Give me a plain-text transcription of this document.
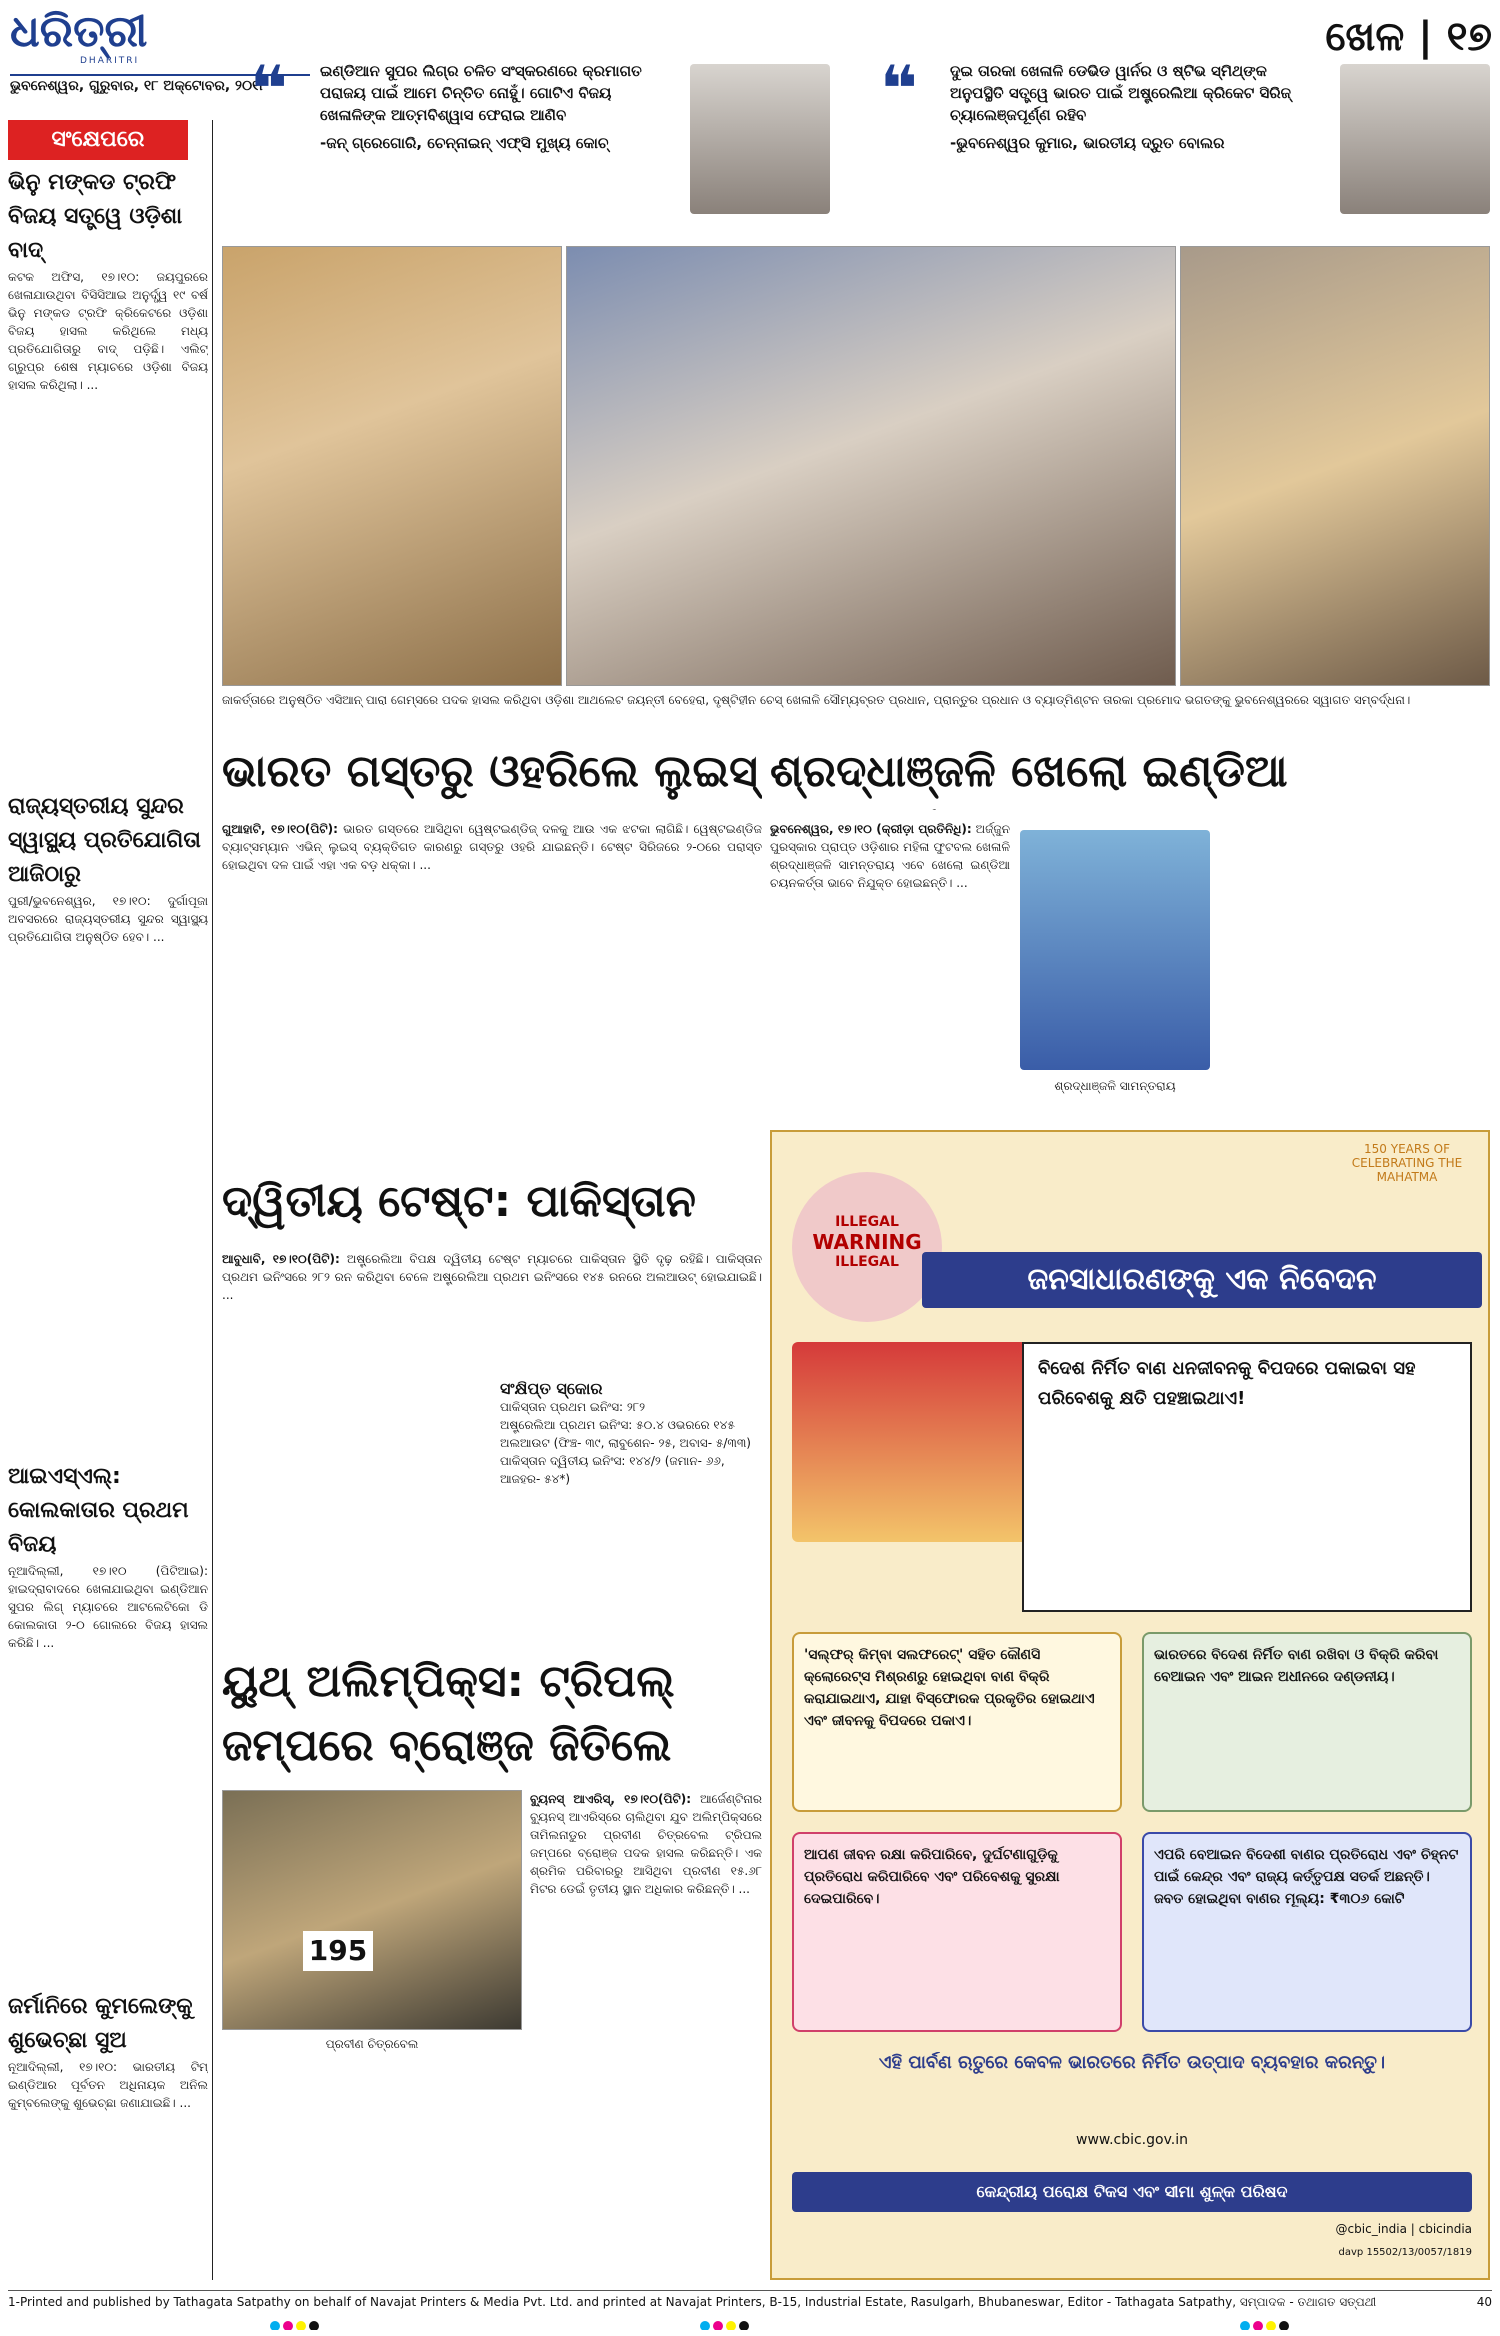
ଧରିତ୍ରୀ
DHARITRI
ଭୁବନେଶ୍ୱର, ଗୁରୁବାର, ୧୮ ଅକ୍ଟୋବର, ୨୦୧୮
ଖେଳ | ୧୭
❝	ଇଣ୍ଡିଆନ ସୁପର ଲିଗ୍‌ର ଚଳିତ ସଂସ୍କରଣରେ କ୍ରମାଗତ ପରାଜୟ ପାଇଁ ଆମେ ଚିନ୍ତିତ ନୋହୁଁ। ଗୋଟିଏ ବିଜୟ ଖେଳାଳିଙ୍କ ଆତ୍ମବିଶ୍ୱାସ ଫେରାଇ ଆଣିବ
-ଜନ୍ ଗ୍ରେଗୋରି, ଚେନ୍ନାଇନ୍ ଏଫ୍‌ସି ମୁଖ୍ୟ କୋଚ୍
❝	ଦୁଇ ତାରକା ଖେଳାଳି ଡେଭିଡ ୱାର୍ନର ଓ ଷ୍ଟିଭ ସ୍ମିଥ୍‌ଙ୍କ ଅନୁପସ୍ଥିତି ସତ୍ତ୍ୱେ ଭାରତ ପାଇଁ ଅଷ୍ଟ୍ରେଲିଆ କ୍ରିକେଟ ସିରିଜ୍ ଚ୍ୟାଲେଞ୍ଜପୂର୍ଣ୍ଣ ରହିବ
-ଭୁବନେଶ୍ୱର କୁମାର, ଭାରତୀୟ ଦ୍ରୁତ ବୋଲର
ସଂକ୍ଷେପରେ
ଭିନୁ ମଙ୍କଡ ଟ୍ରଫି ବିଜୟ ସତ୍ତ୍ୱେ ଓଡ଼ିଶା ବାଦ୍
କଟକ ଅଫିସ, ୧୭।୧୦: ଜୟପୁରରେ ଖେଳାଯାଉଥିବା ବିସିସିଆଇ ଅନୁର୍ଦ୍ଧ୍ୱ ୧୯ ବର୍ଷ ଭିନୁ ମଙ୍କଡ ଟ୍ରଫି କ୍ରିକେଟରେ ଓଡ଼ିଶା ବିଜୟ ହାସଲ କରିଥିଲେ ମଧ୍ୟ ପ୍ରତିଯୋଗିତାରୁ ବାଦ୍ ପଡ଼ିଛି। ଏଲିଟ୍ ଗ୍ରୁପ୍‌ର ଶେଷ ମ୍ୟାଚରେ ଓଡ଼ିଶା ବିଜୟ ହାସଲ କରିଥିଲା। ...
ରାଜ୍ୟସ୍ତରୀୟ ସୁନ୍ଦର ସ୍ୱାସ୍ଥ୍ୟ ପ୍ରତିଯୋଗିତା ଆଜିଠାରୁ
ପୁରୀ/ଭୁବନେଶ୍ୱର, ୧୭।୧୦: ଦୁର୍ଗାପୂଜା ଅବସରରେ ରାଜ୍ୟସ୍ତରୀୟ ସୁନ୍ଦର ସ୍ୱାସ୍ଥ୍ୟ ପ୍ରତିଯୋଗିତା ଅନୁଷ୍ଠିତ ହେବ। ...
ଆଇଏସ୍‌ଏଲ୍: କୋଲକାତାର ପ୍ରଥମ ବିଜୟ
ନୂଆଦିଲ୍ଲୀ, ୧୭।୧୦ (ପିଟିଆଇ): ହାଇଦ୍ରାବାଦରେ ଖେଳାଯାଇଥିବା ଇଣ୍ଡିଆନ ସୁପର ଲିଗ୍ ମ୍ୟାଚରେ ଆଟଲେଟିକୋ ଡି କୋଲକାତା ୨-୦ ଗୋଲରେ ବିଜୟ ହାସଲ କରିଛି। ...
ଜର୍ମାନିରେ କୁମଲେଙ୍କୁ ଶୁଭେଚ୍ଛା ସୁଅ
ନୂଆଦିଲ୍ଲୀ, ୧୭।୧୦: ଭାରତୀୟ ଟିମ୍ ଇଣ୍ଡିଆର ପୂର୍ବତନ ଅଧିନାୟକ ଅନିଲ କୁମ୍ବଲେଙ୍କୁ ଶୁଭେଚ୍ଛା ଜଣାଯାଇଛି। ...
ଜାକର୍ତ୍ତାରେ ଅନୁଷ୍ଠିତ ଏସିଆନ୍ ପାରା ଗେମ୍‌ସରେ ପଦକ ହାସଲ କରିଥିବା ଓଡ଼ିଶା ଆଥଲେଟ ଜୟନ୍ତୀ ବେହେରା, ଦୃଷ୍ଟିହୀନ ଚେସ୍ ଖେଳାଳି ସୌମ୍ୟବ୍ରତ ପ୍ରଧାନ, ପ୍ରାନ୍ତୁର ପ୍ରଧାନ ଓ ବ୍ୟାଡ୍‌ମିଣ୍ଟନ ତାରକା ପ୍ରମୋଦ ଭଗତଙ୍କୁ ଭୁବନେଶ୍ୱରରେ ସ୍ୱାଗତ ସମ୍ବର୍ଦ୍ଧନା।
ଭାରତ ଗସ୍ତରୁ ଓହରିଲେ ଲୁଇସ୍
ଗୁଆହାଟି, ୧୭।୧୦(ପିଟି): ଭାରତ ଗସ୍ତରେ ଆସିଥିବା ୱେଷ୍ଟଇଣ୍ଡିଜ୍ ଦଳକୁ ଆଉ ଏକ ଝଟକା ଲାଗିଛି। ୱେଷ୍ଟଇଣ୍ଡିଜ ବ୍ୟାଟ୍ସମ୍ୟାନ ଏଭିନ୍ ଲୁଇସ୍ ବ୍ୟକ୍ତିଗତ କାରଣରୁ ଗସ୍ତରୁ ଓହରି ଯାଇଛନ୍ତି। ଟେଷ୍ଟ ସିରିଜରେ ୨-୦ରେ ପରାସ୍ତ ହୋଇଥିବା ଦଳ ପାଇଁ ଏହା ଏକ ବଡ଼ ଧକ୍କା। ...
ଶ୍ରଦ୍ଧାଞ୍ଜଳି ଖେଲୋ ଇଣ୍ଡିଆ
ଭୁବନେଶ୍ୱର, ୧୭।୧୦ (କ୍ରୀଡ଼ା ପ୍ରତିନିଧି): ଅର୍ଜ୍ଜୁନ ପୁରସ୍କାର ପ୍ରାପ୍ତ ଓଡ଼ିଶାର ମହିଳା ଫୁଟବଲ ଖେଳାଳି ଶ୍ରଦ୍ଧାଞ୍ଜଳି ସାମନ୍ତରାୟ ଏବେ ଖେଲୋ ଇଣ୍ଡିଆ ଚୟନକର୍ତ୍ତା ଭାବେ ନିଯୁକ୍ତ ହୋଇଛନ୍ତି। ...
ଶ୍ରଦ୍ଧାଞ୍ଜଳି ସାମନ୍ତରାୟ
ଦ୍ୱିତୀୟ ଟେଷ୍ଟ: ପାକିସ୍ତାନ
ଆବୁଧାବି, ୧୭।୧୦(ପିଟି): ଅଷ୍ଟ୍ରେଲିଆ ବିପକ୍ଷ ଦ୍ୱିତୀୟ ଟେଷ୍ଟ ମ୍ୟାଚରେ ପାକିସ୍ତାନ ସ୍ଥିତି ଦୃଢ଼ ରହିଛି। ପାକିସ୍ତାନ ପ୍ରଥମ ଇନିଂସରେ ୨୮୨ ରନ କରିଥିବା ବେଳେ ଅଷ୍ଟ୍ରେଲିଆ ପ୍ରଥମ ଇନିଂସରେ ୧୪୫ ରନରେ ଅଲଆଉଟ୍ ହୋଇଯାଇଛି। ...
ସଂକ୍ଷିପ୍ତ ସ୍କୋର
ପାକିସ୍ତାନ ପ୍ରଥମ ଇନିଂସ: ୨୮୨
ଅଷ୍ଟ୍ରେଲିଆ ପ୍ରଥମ ଇନିଂସ: ୫୦.୪ ଓଭରରେ ୧୪୫ ଅଲଆଉଟ (ଫିଞ୍ଚ- ୩୯, ଲାବୁଶେନ- ୨୫, ଅବାସ- ୫/୩୩)
ପାକିସ୍ତାନ ଦ୍ୱିତୀୟ ଇନିଂସ: ୧୪୪/୨ (ଜମାନ- ୬୬, ଆଜହର- ୫୪*)
ୟୁଥ୍ ଅଲିମ୍ପିକ୍ସ: ଟ୍ରିପଲ୍ ଜମ୍ପରେ ବ୍ରୋଞ୍ଜ ଜିତିଲେ
195
ପ୍ରବୀଣ ଚିତ୍ରବେଲ
ବ୍ୟୁନସ୍ ଆଏରିସ୍, ୧୭।୧୦(ପିଟି): ଆର୍ଜେଣ୍ଟିନାର ବ୍ୟୁନସ୍ ଆଏରିସ୍‌ରେ ଚାଲିଥିବା ଯୁବ ଅଲିମ୍ପିକ୍ସରେ ତାମିଲନାଡୁର ପ୍ରବୀଣ ଚିତ୍ରବେଲ ଟ୍ରିପଲ ଜମ୍ପରେ ବ୍ରୋଞ୍ଜ ପଦକ ହାସଲ କରିଛନ୍ତି। ଏକ ଶ୍ରମିକ ପରିବାରରୁ ଆସିଥିବା ପ୍ରବୀଣ ୧୫.୬୮ ମିଟର ଡେଇଁ ତୃତୀୟ ସ୍ଥାନ ଅଧିକାର କରିଛନ୍ତି। ...
ILLEGAL
WARNING
ILLEGAL
150 YEARS OF CELEBRATING THE MAHATMA
ଜନସାଧାରଣଙ୍କୁ ଏକ ନିବେଦନ
ବିଦେଶ ନିର୍ମିତ ବାଣ ଧନଜୀବନକୁ ବିପଦରେ ପକାଇବା ସହ ପରିବେଶକୁ କ୍ଷତି ପହଞ୍ଚାଇଥାଏ!
'ସଲ୍‌ଫର୍ କିମ୍ବା ସଲଫରେଟ୍' ସହିତ କୌଣସି କ୍ଲୋରେଟ୍‌ସ ମିଶ୍ରଣରୁ ହୋଇଥିବା ବାଣ ବିକ୍ରି କରାଯାଇଥାଏ, ଯାହା ବିସ୍ଫୋରକ ପ୍ରକୃତିର ହୋଇଥାଏ ଏବଂ ଜୀବନକୁ ବିପଦରେ ପକାଏ।
ଭାରତରେ ବିଦେଶ ନିର୍ମିତ ବାଣ ରଖିବା ଓ ବିକ୍ରି କରିବା ବେଆଇନ ଏବଂ ଆଇନ ଅଧୀନରେ ଦଣ୍ଡନୀୟ।
ଆପଣ ଜୀବନ ରକ୍ଷା କରିପାରିବେ, ଦୁର୍ଘଟଣାଗୁଡ଼ିକୁ ପ୍ରତିରୋଧ କରିପାରିବେ ଏବଂ ପରିବେଶକୁ ସୁରକ୍ଷା ଦେଇପାରିବେ।
ଏପରି ବେଆଇନ ବିଦେଶୀ ବାଣର ପ୍ରତିରୋଧ ଏବଂ ଚିହ୍ନଟ ପାଇଁ କେନ୍ଦ୍ର ଏବଂ ରାଜ୍ୟ କର୍ତ୍ତୃପକ୍ଷ ସତର୍କ ଅଛନ୍ତି। ଜବତ ହୋଇଥିବା ବାଣର ମୂଲ୍ୟ: ₹୩୦୬ କୋଟି
ଏହି ପାର୍ବଣ ଋତୁରେ କେବଳ ଭାରତରେ ନିର୍ମିତ ଉତ୍ପାଦ ବ୍ୟବହାର କରନ୍ତୁ।
www.cbic.gov.in
କେନ୍ଦ୍ରୀୟ ପରୋକ୍ଷ ଟିକସ ଏବଂ ସୀମା ଶୁଳ୍କ ପରିଷଦ
@cbic_india | cbicindia
davp 15502/13/0057/1819
1-Printed and published by Tathagata Satpathy on behalf of Navajat Printers & Media Pvt. Ltd. and printed at Navajat Printers, B-15, Industrial Estate, Rasulgarh, Bhubaneswar, Editor - Tathagata Satpathy, ସମ୍ପାଦକ - ତଥାଗତ ସତ୍ପଥୀ	40
